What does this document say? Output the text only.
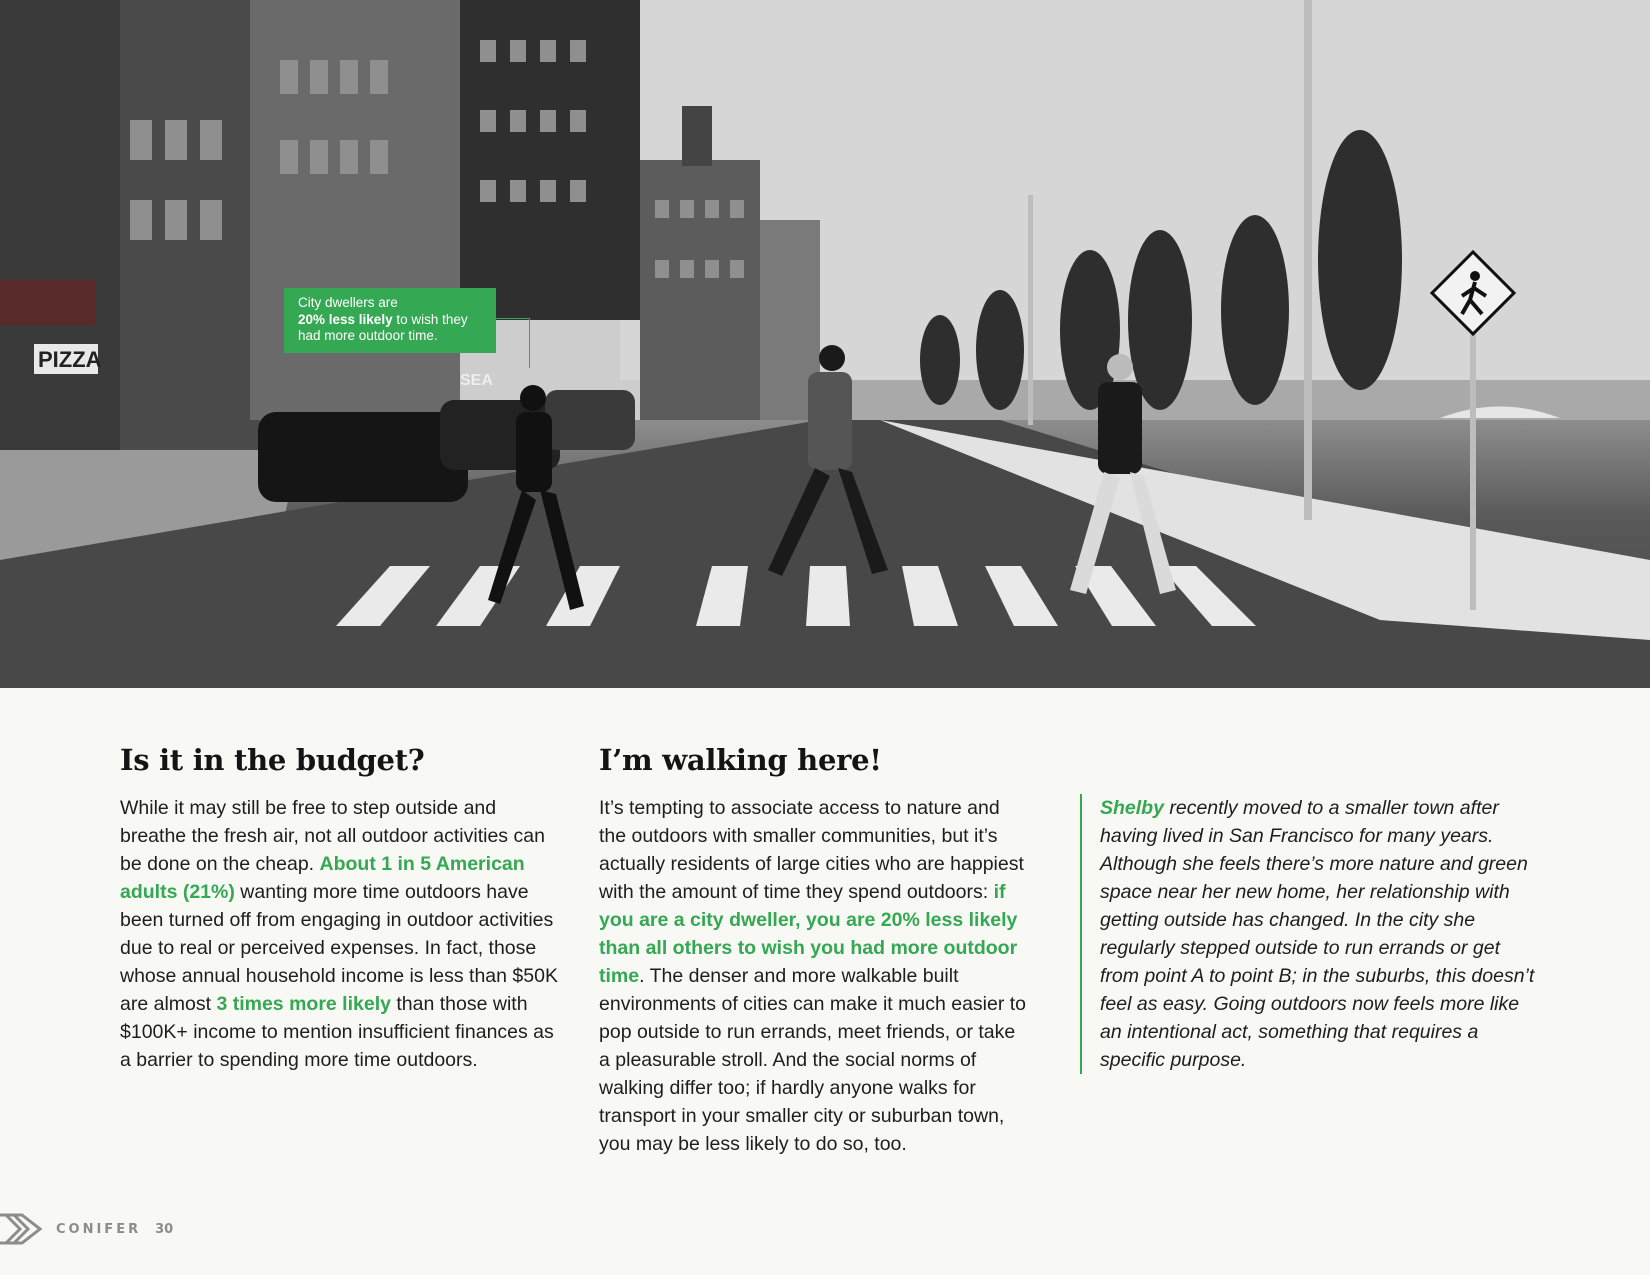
PIZZA
SEA
City dwellers are
20% less likely to wish they had more outdoor time.
Is it in the budget?

While it may still be free to step outside and breathe the fresh air, not all outdoor activities can be done on the cheap. About 1 in 5 American adults (21%) wanting more time outdoors have been turned off from engaging in outdoor activities due to real or perceived expenses. In fact, those whose annual household income is less than $50K are almost 3 times more likely than those with $100K+ income to mention insufficient finances as a barrier to spending more time outdoors.

I’m walking here!

It’s tempting to associate access to nature and the outdoors with smaller communities, but it’s actually residents of large cities who are happiest with the amount of time they spend outdoors: if you are a city dweller, you are 20% less likely than all others to wish you had more outdoor time. The denser and more walkable built environments of cities can make it much easier to pop outside to run errands, meet friends, or take a pleasurable stroll. And the social norms of walking differ too; if hardly anyone walks for transport in your smaller city or suburban town, you may be less likely to do so, too.

Shelby recently moved to a smaller town after having lived in San Francisco for many years. Although she feels there’s more nature and green space near her new home, her relationship with getting outside has changed. In the city she regularly stepped outside to run errands or get from point A to point B; in the suburbs, this doesn’t feel as easy. Going outdoors now feels more like an intentional act, something that requires a specific purpose.

CONIFER 30
